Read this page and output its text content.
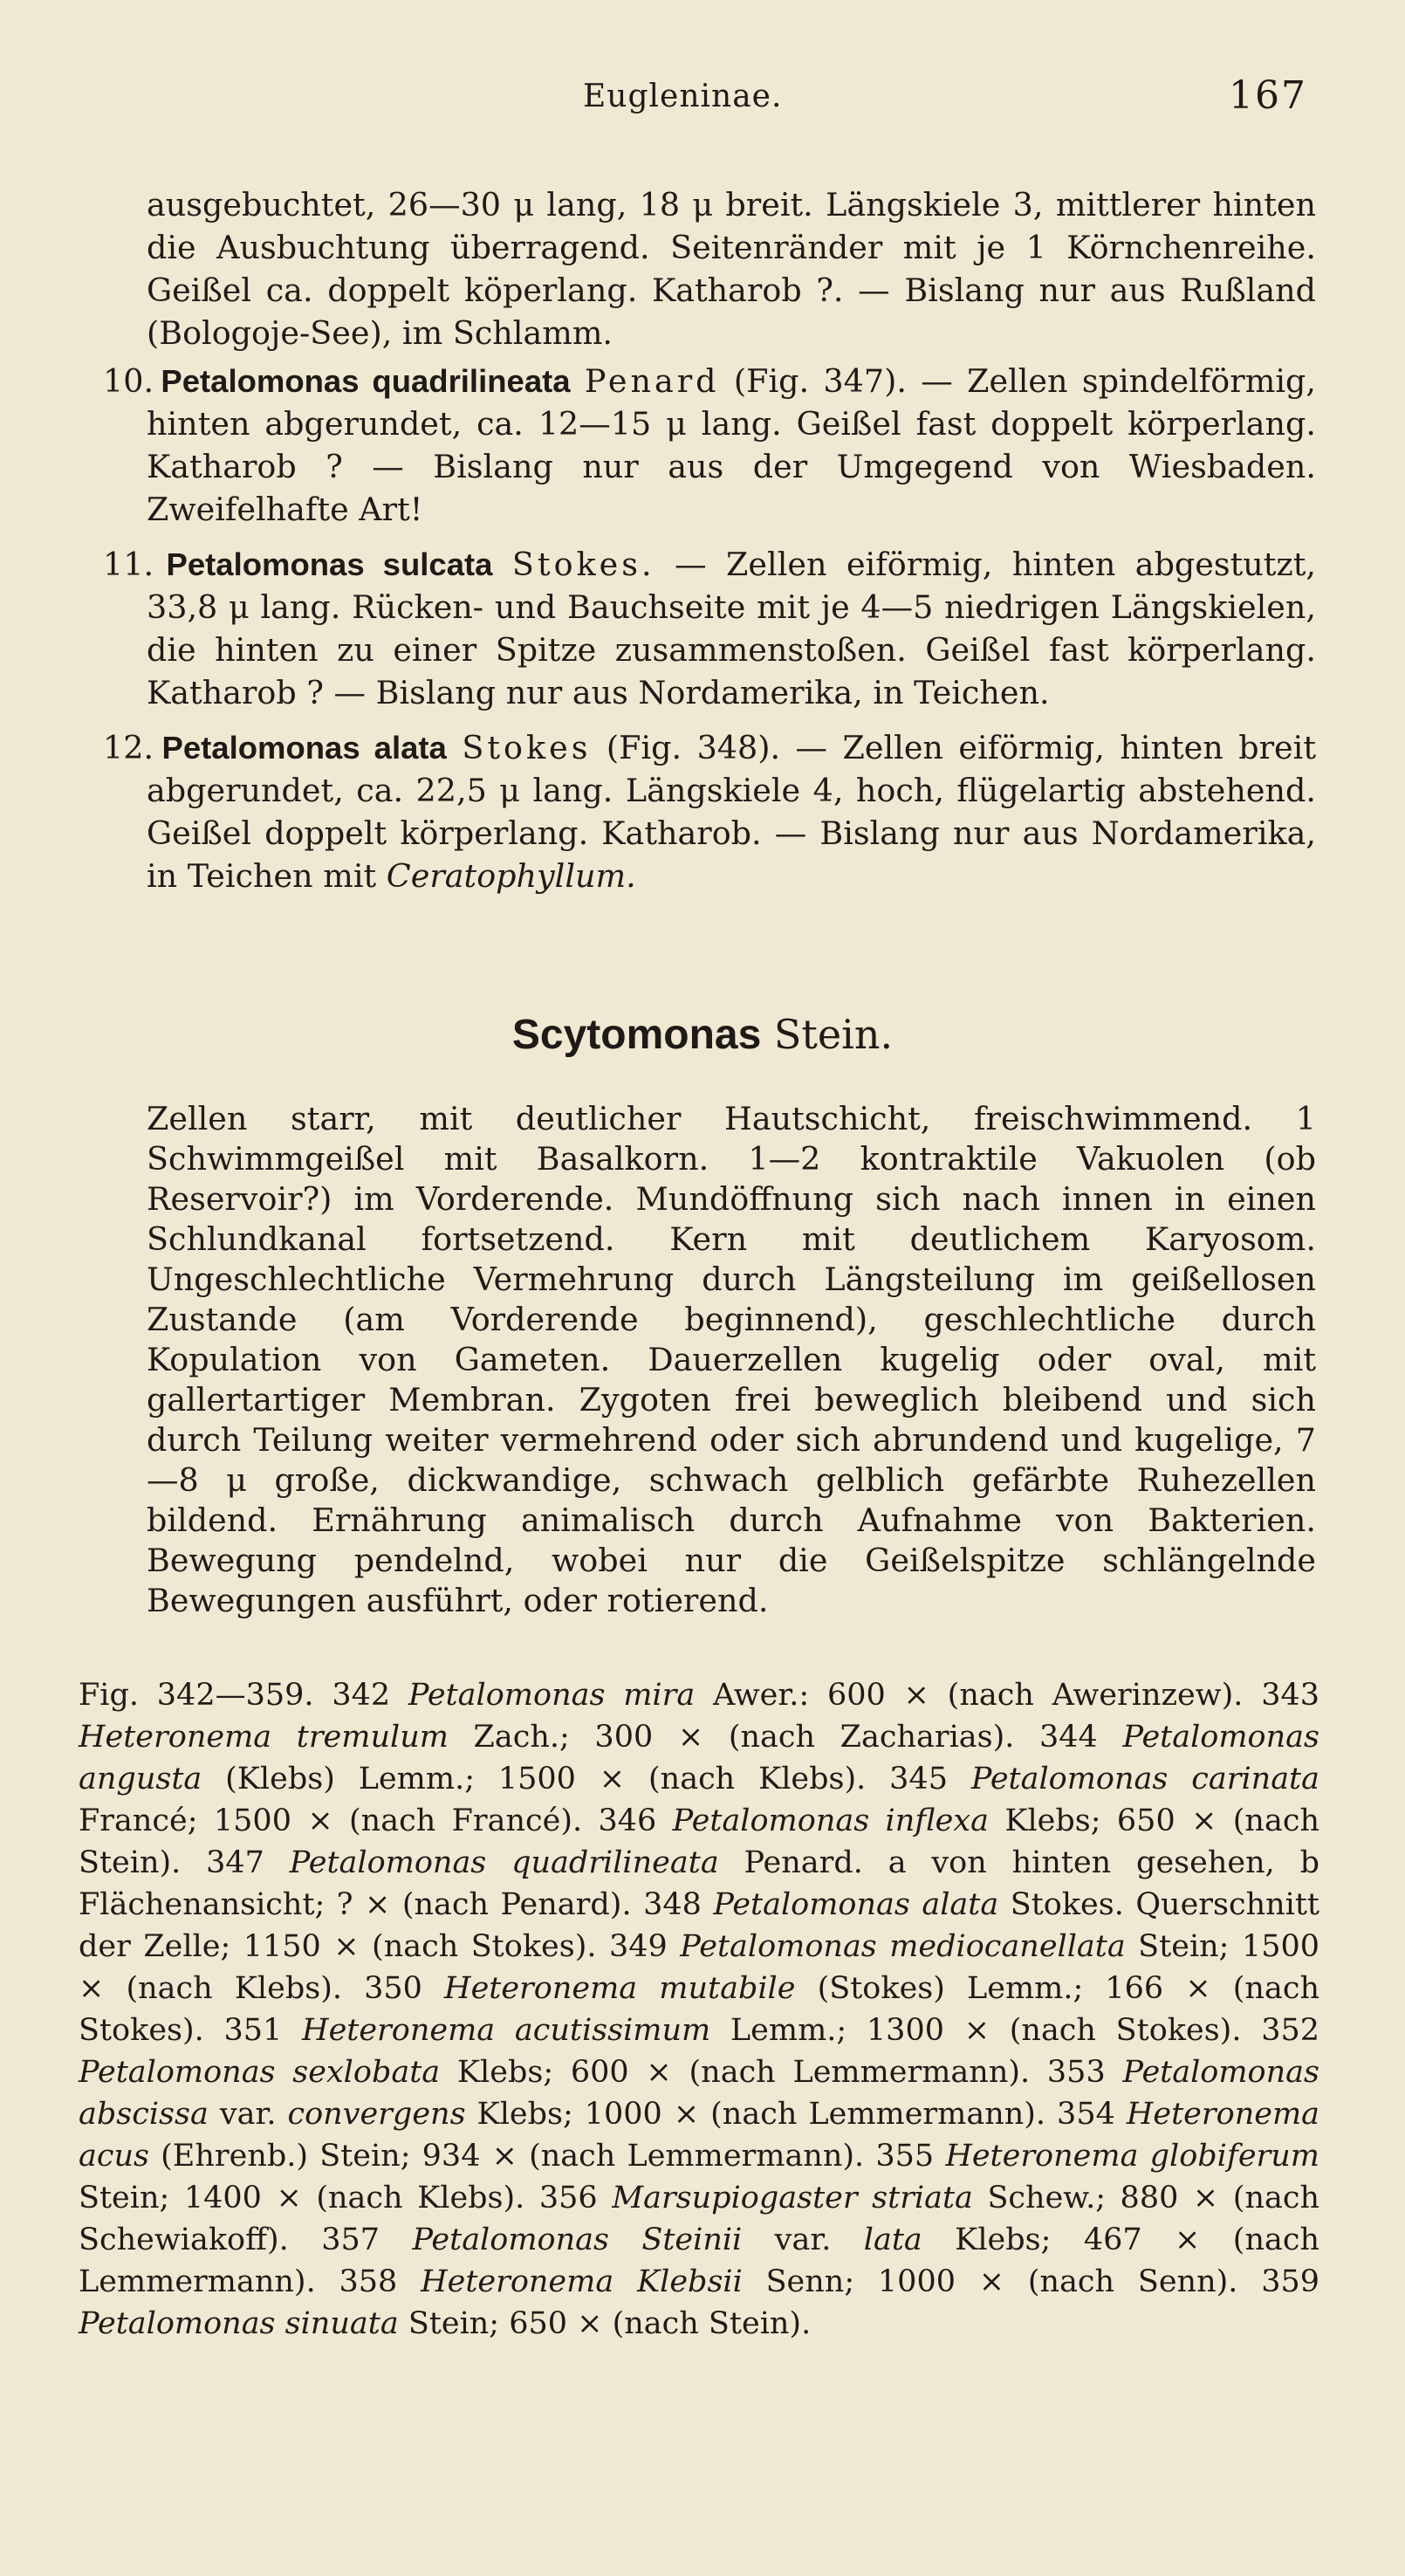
Eugleninae.	167

ausgebuchtet, 26—30 μ lang, 18 μ breit. Längskiele 3, mittlerer hinten die Ausbuchtung überragend. Seitenränder mit je 1 Körnchenreihe. Geißel ca. doppelt köperlang. Katharob ?. — Bislang nur aus Rußland (Bologoje-See), im Schlamm.

10. Petalomonas quadrilineata Penard (Fig. 347). — Zellen spindelförmig, hinten abgerundet, ca. 12—15 μ lang. Geißel fast doppelt körperlang. Katharob ? — Bislang nur aus der Umgegend von Wiesbaden. Zweifelhafte Art!

11. Petalomonas sulcata Stokes. — Zellen eiförmig, hinten abgestutzt, 33,8 μ lang. Rücken- und Bauchseite mit je 4—5 niedrigen Längskielen, die hinten zu einer Spitze zusammenstoßen. Geißel fast körperlang. Katharob ? — Bislang nur aus Nordamerika, in Teichen.

12. Petalomonas alata Stokes (Fig. 348). — Zellen eiförmig, hinten breit abgerundet, ca. 22,5 μ lang. Längskiele 4, hoch, flügelartig abstehend. Geißel doppelt körperlang. Katharob. — Bislang nur aus Nordamerika, in Teichen mit Ceratophyllum.

Scytomonas Stein.

Zellen starr, mit deutlicher Hautschicht, freischwimmend. 1 Schwimmgeißel mit Basalkorn. 1—2 kontraktile Vakuolen (ob Reservoir?) im Vorderende. Mundöffnung sich nach innen in einen Schlundkanal fortsetzend. Kern mit deutlichem Karyosom. Ungeschlechtliche Vermehrung durch Längsteilung im geißellosen Zustande (am Vorderende beginnend), geschlechtliche durch Kopulation von Gameten. Dauerzellen kugelig oder oval, mit gallertartiger Membran. Zygoten frei beweglich bleibend und sich durch Teilung weiter vermehrend oder sich abrundend und kugelige, 7—8 μ große, dickwandige, schwach gelblich gefärbte Ruhezellen bildend. Ernährung animalisch durch Aufnahme von Bakterien. Bewegung pendelnd, wobei nur die Geißelspitze schlängelnde Bewegungen ausführt, oder rotierend.

Fig. 342—359. 342 Petalomonas mira Awer.: 600 × (nach Awerinzew). 343 Heteronema tremulum Zach.; 300 × (nach Zacharias). 344 Petalomonas angusta (Klebs) Lemm.; 1500 × (nach Klebs). 345 Petalomonas carinata Francé; 1500 × (nach Francé). 346 Petalomonas inflexa Klebs; 650 × (nach Stein). 347 Petalomonas quadrilineata Penard. a von hinten gesehen, b Flächenansicht; ? × (nach Penard). 348 Petalomonas alata Stokes. Querschnitt der Zelle; 1150 × (nach Stokes). 349 Petalomonas mediocanellata Stein; 1500 × (nach Klebs). 350 Heteronema mutabile (Stokes) Lemm.; 166 × (nach Stokes). 351 Heteronema acutissimum Lemm.; 1300 × (nach Stokes). 352 Petalomonas sexlobata Klebs; 600 × (nach Lemmermann). 353 Petalomonas abscissa var. convergens Klebs; 1000 × (nach Lemmermann). 354 Heteronema acus (Ehrenb.) Stein; 934 × (nach Lemmermann). 355 Heteronema globiferum Stein; 1400 × (nach Klebs). 356 Marsupiogaster striata Schew.; 880 × (nach Schewiakoff). 357 Petalomonas Steinii var. lata Klebs; 467 × (nach Lemmermann). 358 Heteronema Klebsii Senn; 1000 × (nach Senn). 359 Petalomonas sinuata Stein; 650 × (nach Stein).
